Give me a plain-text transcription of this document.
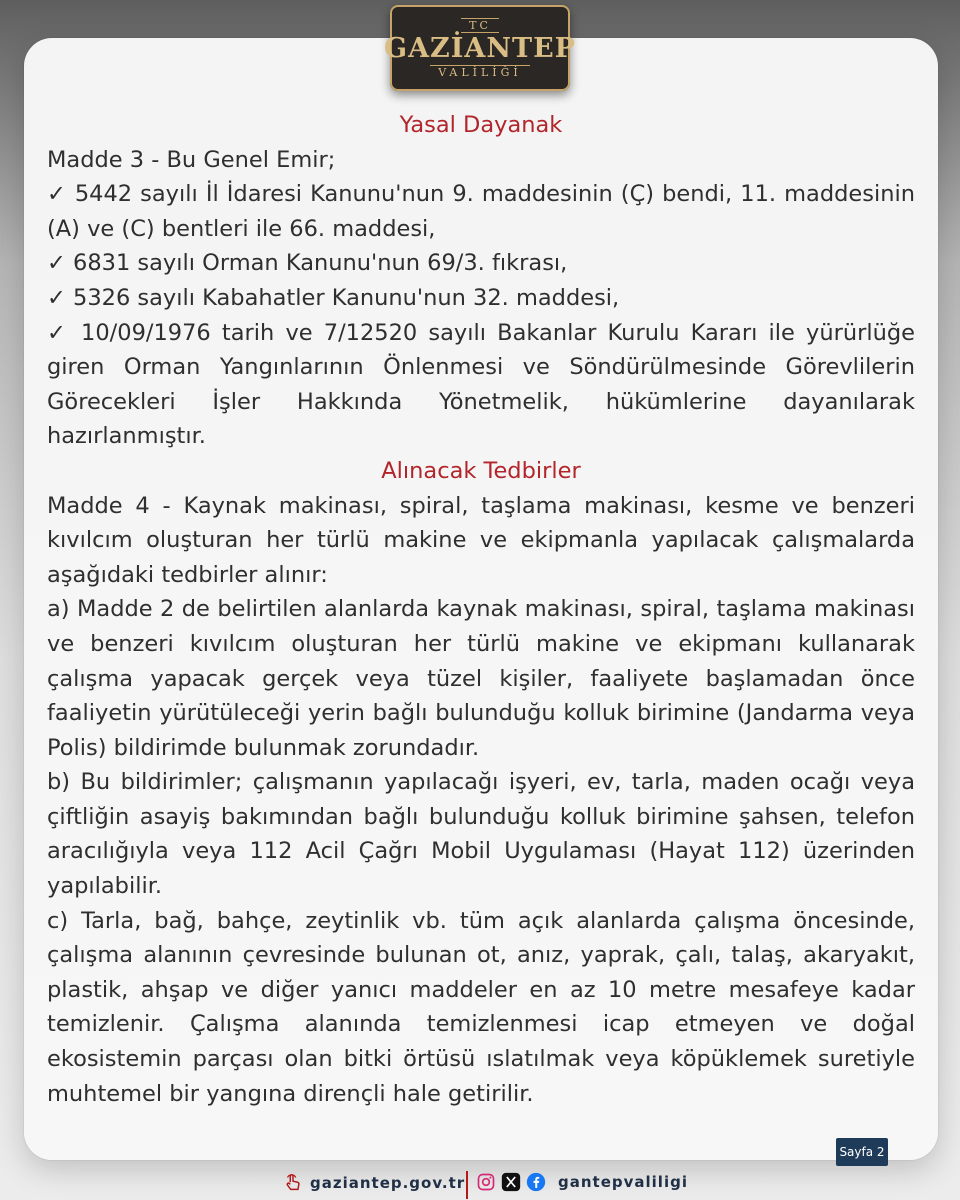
TC
GAZİANTEP
VALİLİĞİ
Yasal Dayanak
Madde 3 - Bu Genel Emir;
✓ 5442 sayılı İl İdaresi Kanunu'nun 9. maddesinin (Ç) bendi, 11. maddesinin (A) ve (C) bentleri ile 66. maddesi,
✓ 6831 sayılı Orman Kanunu'nun 69/3. fıkrası,
✓ 5326 sayılı Kabahatler Kanunu'nun 32. maddesi,
✓ 10/09/1976 tarih ve 7/12520 sayılı Bakanlar Kurulu Kararı ile yürürlüğe giren Orman Yangınlarının Önlenmesi ve Söndürülmesinde Görevlilerin Görecekleri İşler Hakkında Yönetmelik, hükümlerine dayanılarak hazırlanmıştır.
Alınacak Tedbirler
Madde 4 - Kaynak makinası, spiral, taşlama makinası, kesme ve benzeri kıvılcım oluşturan her türlü makine ve ekipmanla yapılacak çalışmalarda aşağıdaki tedbirler alınır:
a) Madde 2 de belirtilen alanlarda kaynak makinası, spiral, taşlama makinası ve benzeri kıvılcım oluşturan her türlü makine ve ekipmanı kullanarak çalışma yapacak gerçek veya tüzel kişiler, faaliyete başlamadan önce faaliyetin yürütüleceği yerin bağlı bulunduğu kolluk birimine (Jandarma veya Polis) bildirimde bulunmak zorundadır.
b) Bu bildirimler; çalışmanın yapılacağı işyeri, ev, tarla, maden ocağı veya çiftliğin asayiş bakımından bağlı bulunduğu kolluk birimine şahsen, telefon aracılığıyla veya 112 Acil Çağrı Mobil Uygulaması (Hayat 112) üzerinden yapılabilir.
c) Tarla, bağ, bahçe, zeytinlik vb. tüm açık alanlarda çalışma öncesinde, çalışma alanının çevresinde bulunan ot, anız, yaprak, çalı, talaş, akaryakıt, plastik, ahşap ve diğer yanıcı maddeler en az 10 metre mesafeye kadar temizlenir. Çalışma alanında temizlenmesi icap etmeyen ve doğal ekosistemin parçası olan bitki örtüsü ıslatılmak veya köpüklemek suretiyle muhtemel bir yangına dirençli hale getirilir.
Sayfa 2
gaziantep.gov.tr	gantepvaliligi
